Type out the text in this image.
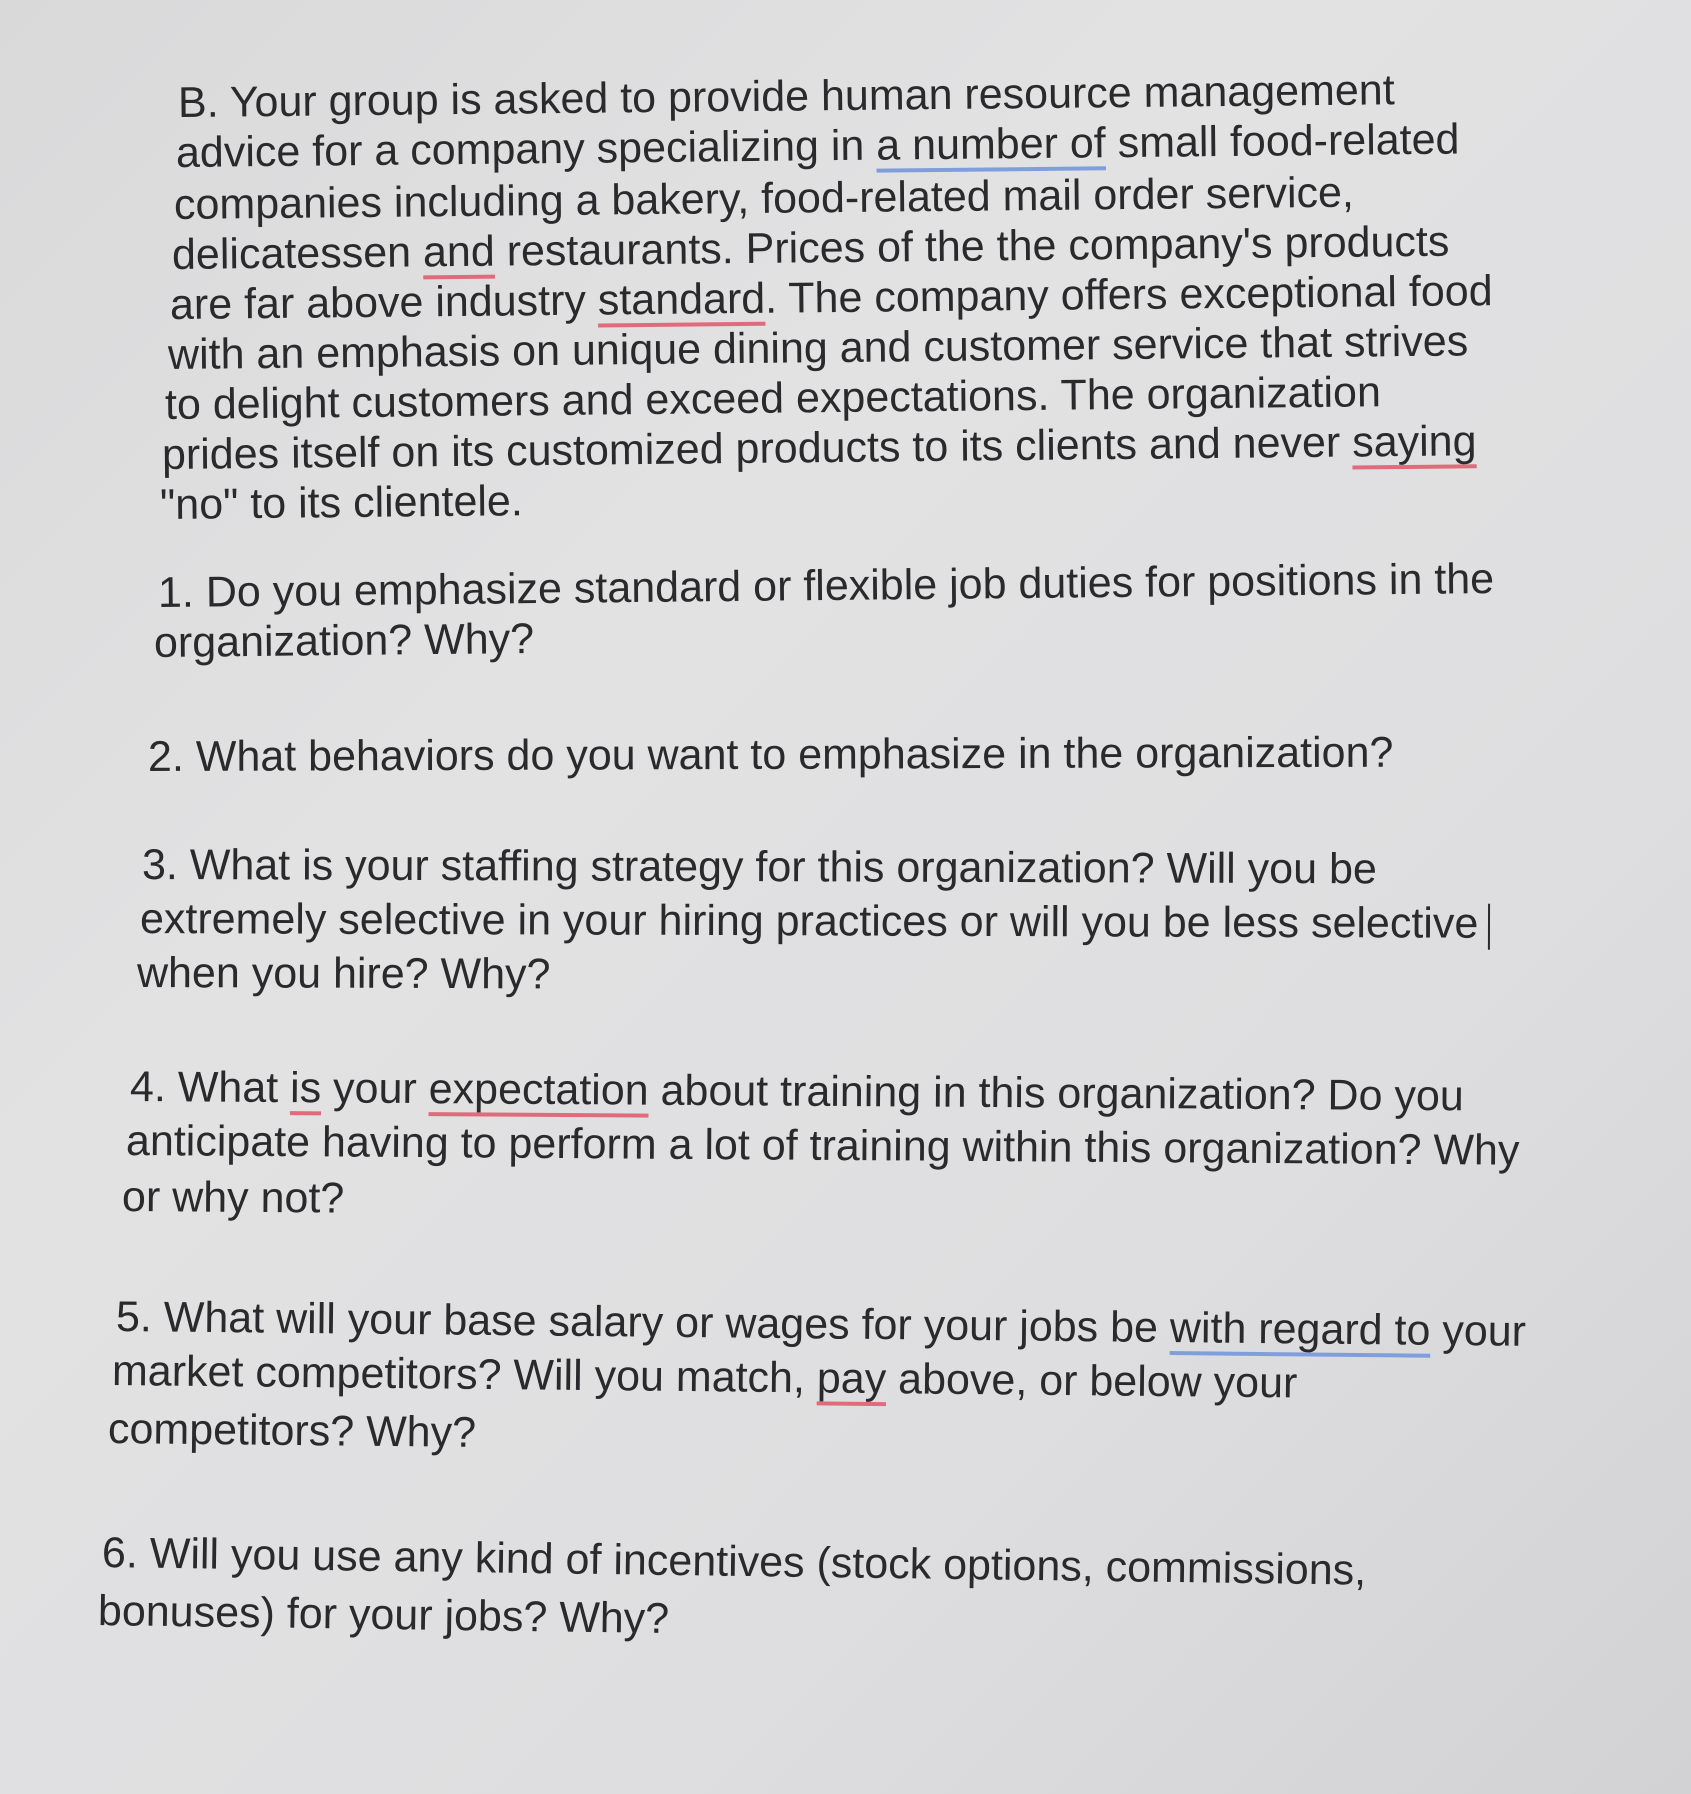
B. Your group is asked to provide human resource management
advice for a company specializing in a number of small food-related
companies including a bakery, food-related mail order service,
delicatessen and restaurants. Prices of the the company's products
are far above industry standard. The company offers exceptional food
with an emphasis on unique dining and customer service that strives
to delight customers and exceed expectations. The organization
prides itself on its customized products to its clients and never saying
"no" to its clientele.
1. Do you emphasize standard or flexible job duties for positions in the
organization? Why?
2. What behaviors do you want to emphasize in the organization?
3. What is your staffing strategy for this organization? Will you be
extremely selective in your hiring practices or will you be less selective
when you hire? Why?
4. What is your expectation about training in this organization? Do you
anticipate having to perform a lot of training within this organization? Why
or why not?
5. What will your base salary or wages for your jobs be with regard to your
market competitors? Will you match, pay above, or below your
competitors? Why?
6. Will you use any kind of incentives (stock options, commissions,
bonuses) for your jobs? Why?
